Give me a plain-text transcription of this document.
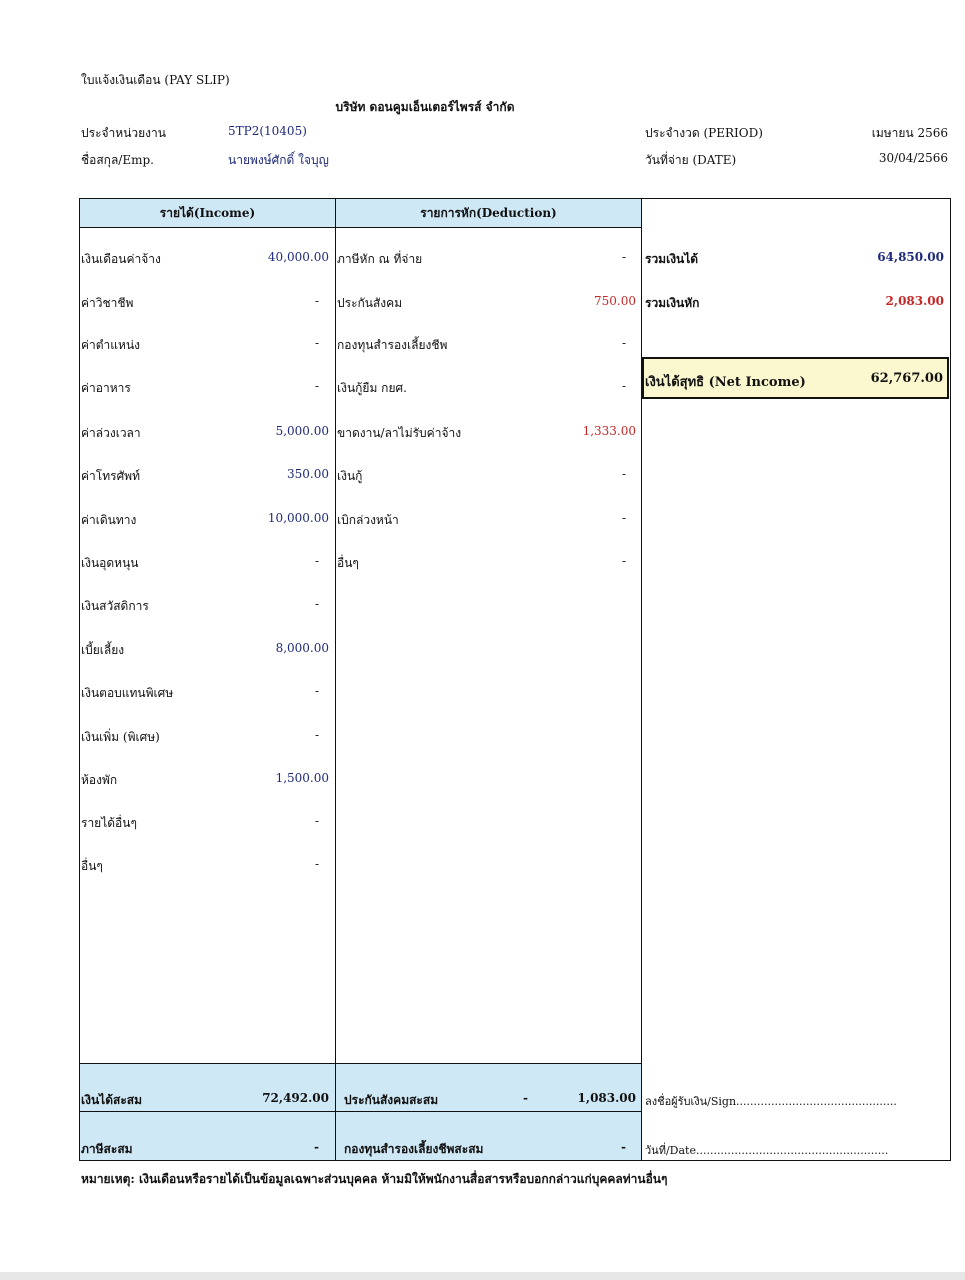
ใบแจ้งเงินเดือน (PAY SLIP)
บริษัท ดอนคูมเอ็นเตอร์ไพรส์ จำกัด
ประจำหน่วยงาน	5TP2(10405)
ชื่อสกุล/Emp.	นายพงษ์ศักดิ์ ใจบุญ
ประจำงวด (PERIOD)	เมษายน 2566
วันที่จ่าย (DATE)	30/04/2566
รายได้(Income)	รายการหัก(Deduction)
เงินเดือนค่าจ้าง	40,000.00
ค่าวิชาชีพ	-
ค่าตำแหน่ง	-
ค่าอาหาร	-
ค่าล่วงเวลา	5,000.00
ค่าโทรศัพท์	350.00
ค่าเดินทาง	10,000.00
เงินอุดหนุน	-
เงินสวัสดิการ	-
เบี้ยเลี้ยง	8,000.00
เงินตอบแทนพิเศษ	-
เงินเพิ่ม (พิเศษ)	-
ห้องพัก	1,500.00
รายได้อื่นๆ	-
อื่นๆ	-
ภาษีหัก ณ ที่จ่าย	-
ประกันสังคม	750.00
กองทุนสำรองเลี้ยงชีพ	-
เงินกู้ยืม กยศ.	-
ขาดงาน/ลาไม่รับค่าจ้าง	1,333.00
เงินกู้	-
เบิกล่วงหน้า	-
อื่นๆ	-
รวมเงินได้	64,850.00
รวมเงินหัก	2,083.00
เงินได้สุทธิ (Net Income)	62,767.00
เงินได้สะสม	72,492.00
ภาษีสะสม	-
ประกันสังคมสะสม	-	1,083.00
กองทุนสำรองเลี้ยงชีพสะสม	-
ลงชื่อผู้รับเงิน/Sign..............................................
วันที่/Date.......................................................
หมายเหตุ: เงินเดือนหรือรายได้เป็นข้อมูลเฉพาะส่วนบุคคล ห้ามมิให้พนักงานสื่อสารหรือบอกกล่าวแก่บุคคลท่านอื่นๆ
